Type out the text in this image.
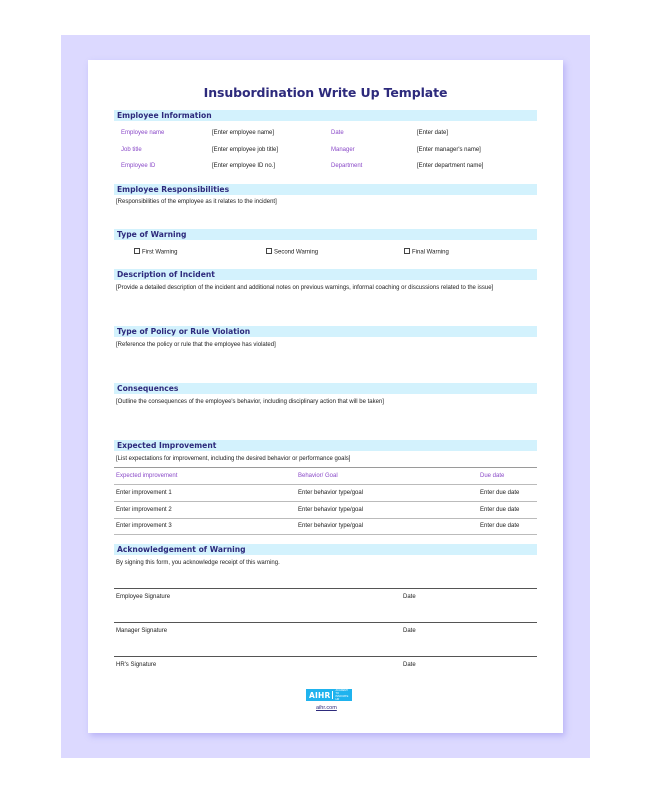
Insubordination Write Up Template
Employee Information
Employee name	[Enter employee name]	Date	[Enter date]
Job title	[Enter employee job title]	Manager	[Enter manager's name]
Employee ID	[Enter employee ID no.]	Department	[Enter department name]
Employee Responsibilities
[Responsibilities of the employee as it relates to the incident]
Type of Warning
First Warning	Second Warning	Final Warning
Description of Incident
[Provide a detailed description of the incident and additional notes on previous warnings, informal coaching or discussions related to the issue]
Type of Policy or Rule Violation
[Reference the policy or rule that the employee has violated]
Consequences
[Outline the consequences of the employee's behavior, including disciplinary action that will be taken]
Expected Improvement
[List expectations for improvement, including the desired behavior or performance goals]
Expected improvement	Behavior/ Goal	Due date
Enter improvement 1	Enter behavior type/goal	Enter due date
Enter improvement 2	Enter behavior type/goal	Enter due date
Enter improvement 3	Enter behavior type/goal	Enter due date
Acknowledgement of Warning
By signing this form, you acknowledge receipt of this warning.
Employee Signature	Date
Manager Signature	Date
HR's Signature	Date
AIHR ACADEMY TO INNOVATE HR
aihr.com
